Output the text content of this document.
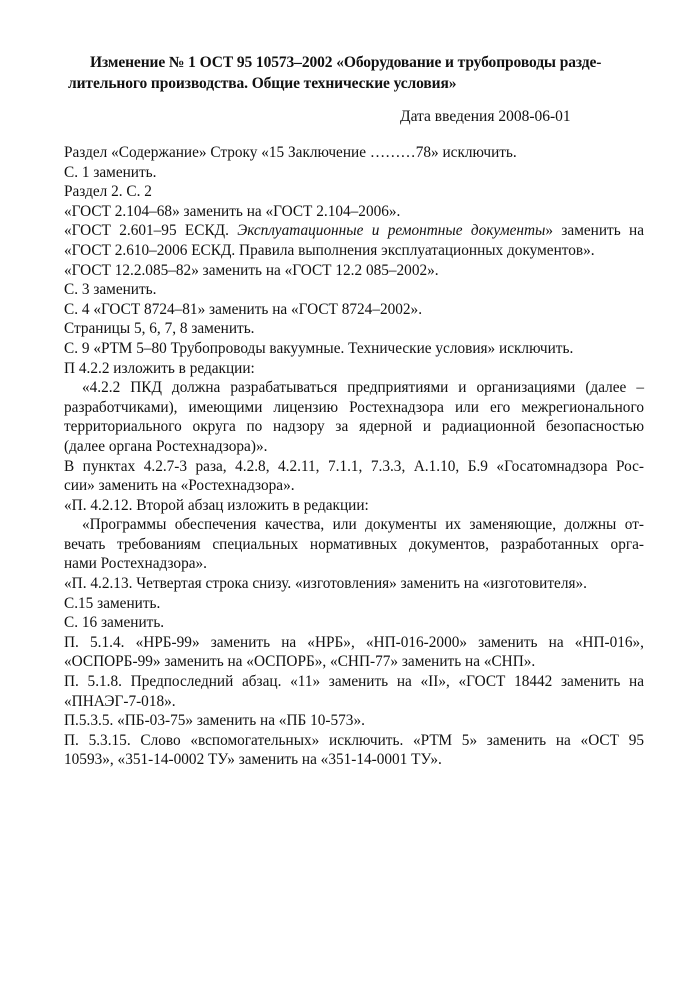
Изменение № 1 ОСТ 95 10573–2002 «Оборудование и трубопроводы разде-
лительного производства. Общие технические условия»
Дата введения 2008-06-01
Раздел «Содержание» Строку «15 Заключение ………78» исключить.
С. 1 заменить.
Раздел 2. С. 2
«ГОСТ 2.104–68» заменить на «ГОСТ 2.104–2006».
«ГОСТ 2.601–95 ЕСКД. Эксплуатационные и ремонтные документы» заменить на
«ГОСТ 2.610–2006 ЕСКД. Правила выполнения эксплуатационных документов».
«ГОСТ 12.2.085–82» заменить на «ГОСТ 12.2 085–2002».
С. 3 заменить.
С. 4 «ГОСТ 8724–81» заменить на «ГОСТ 8724–2002».
Страницы 5, 6, 7, 8 заменить.
С. 9 «РТМ 5–80 Трубопроводы вакуумные. Технические условия» исключить.
П 4.2.2 изложить в редакции:
«4.2.2 ПКД должна разрабатываться предприятиями и организациями (далее –
разработчиками), имеющими лицензию Ростехнадзора или его межрегионального
территориального округа по надзору за ядерной и радиационной безопасностью
(далее органа Ростехнадзора)».
В пунктах 4.2.7-3 раза, 4.2.8, 4.2.11, 7.1.1, 7.3.3, А.1.10, Б.9 «Госатомнадзора Рос-
сии» заменить на «Ростехнадзора».
«П. 4.2.12. Второй абзац изложить в редакции:
«Программы обеспечения качества, или документы их заменяющие, должны от-
вечать требованиям специальных нормативных документов, разработанных орга-
нами Ростехнадзора».
«П. 4.2.13. Четвертая строка снизу. «изготовления» заменить на «изготовителя».
С.15 заменить.
С. 16 заменить.
П. 5.1.4. «НРБ-99» заменить на «НРБ», «НП-016-2000» заменить на «НП-016»,
«ОСПОРБ-99» заменить на «ОСПОРБ», «СНП-77» заменить на «СНП».
П. 5.1.8. Предпоследний абзац. «11» заменить на «II», «ГОСТ 18442 заменить на
«ПНАЭГ-7-018».
П.5.3.5. «ПБ-03-75» заменить на «ПБ 10-573».
П. 5.3.15. Слово «вспомогательных» исключить. «РТМ 5» заменить на «ОСТ 95
10593», «351-14-0002 ТУ» заменить на «351-14-0001 ТУ».
